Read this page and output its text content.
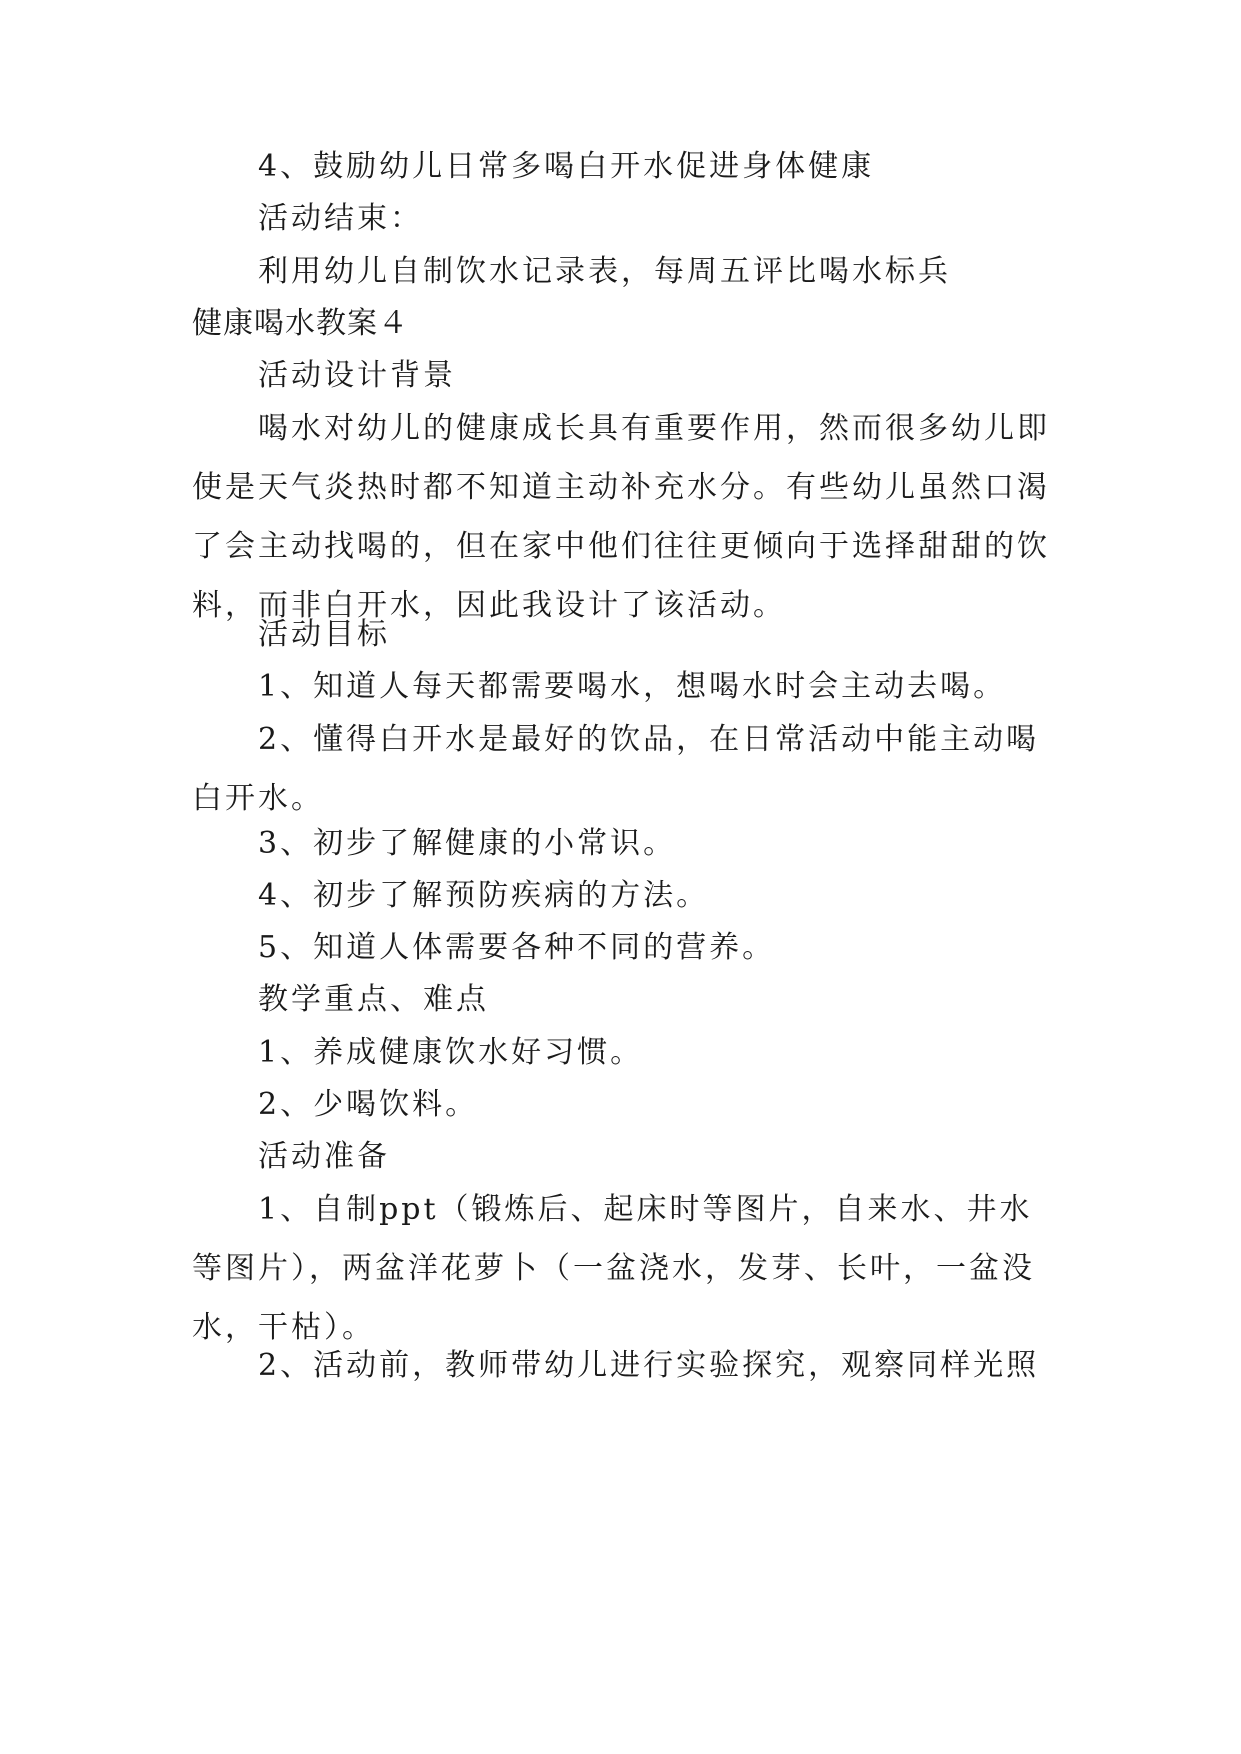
4、鼓励幼儿日常多喝白开水促进身体健康

活动结束：

利用幼儿自制饮水记录表，每周五评比喝水标兵

健康喝水教案４

活动设计背景

喝水对幼儿的健康成长具有重要作用，然而很多幼儿即使是天气炎热时都不知道主动补充水分。有些幼儿虽然口渴了会主动找喝的，但在家中他们往往更倾向于选择甜甜的饮料，而非白开水，因此我设计了该活动。

活动目标

1、知道人每天都需要喝水，想喝水时会主动去喝。

2、懂得白开水是最好的饮品，在日常活动中能主动喝白开水。

3、初步了解健康的小常识。

4、初步了解预防疾病的方法。

5、知道人体需要各种不同的营养。

教学重点、难点

1、养成健康饮水好习惯。

2、少喝饮料。

活动准备

1、自制ppt（锻炼后、起床时等图片，自来水、井水等图片），两盆洋花萝卜（一盆浇水，发芽、长叶，一盆没水，干枯）。

2、活动前，教师带幼儿进行实验探究，观察同样光照
